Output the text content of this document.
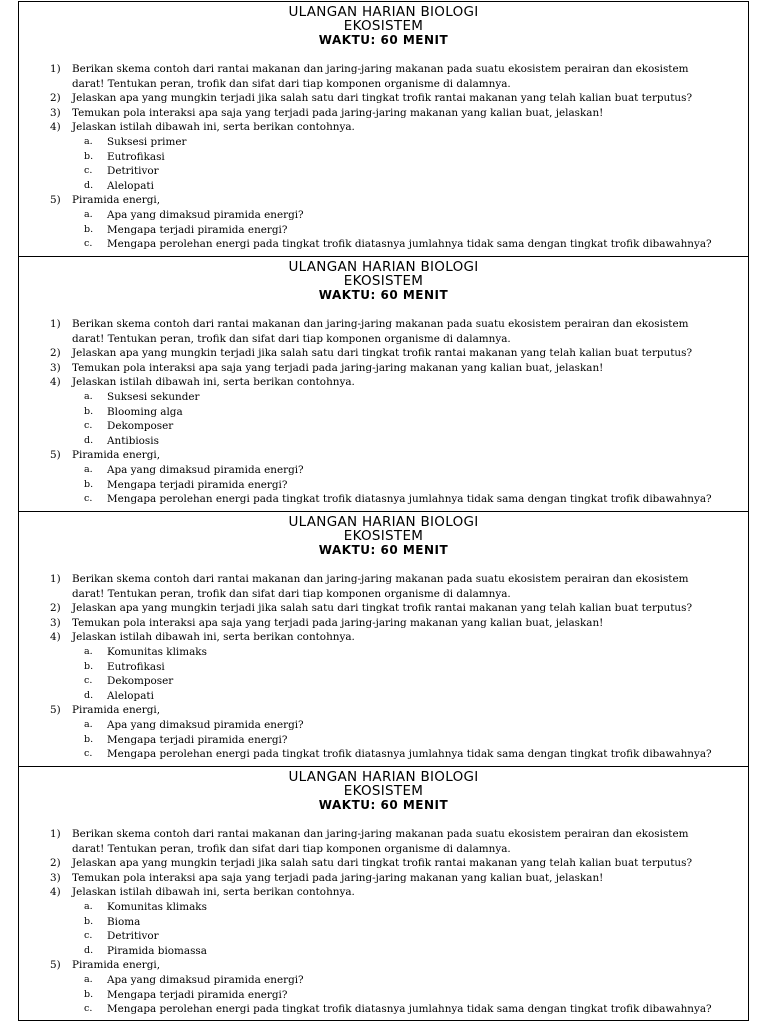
ULANGAN HARIAN BIOLOGI
EKOSISTEM
WAKTU: 60 MENIT
1) Berikan skema contoh dari rantai makanan dan jaring-jaring makanan pada suatu ekosistem perairan dan ekosistem
darat! Tentukan peran, trofik dan sifat dari tiap komponen organisme di dalamnya.
2) Jelaskan apa yang mungkin terjadi jika salah satu dari tingkat trofik rantai makanan yang telah kalian buat terputus?
3) Temukan pola interaksi apa saja yang terjadi pada jaring-jaring makanan yang kalian buat, jelaskan!
4) Jelaskan istilah dibawah ini, serta berikan contohnya.
a. Suksesi primer
b. Eutrofikasi
c. Detritivor
d. Alelopati
5) Piramida energi,
a. Apa yang dimaksud piramida energi?
b. Mengapa terjadi piramida energi?
c. Mengapa perolehan energi pada tingkat trofik diatasnya jumlahnya tidak sama dengan tingkat trofik dibawahnya?
ULANGAN HARIAN BIOLOGI
EKOSISTEM
WAKTU: 60 MENIT
1) Berikan skema contoh dari rantai makanan dan jaring-jaring makanan pada suatu ekosistem perairan dan ekosistem
darat! Tentukan peran, trofik dan sifat dari tiap komponen organisme di dalamnya.
2) Jelaskan apa yang mungkin terjadi jika salah satu dari tingkat trofik rantai makanan yang telah kalian buat terputus?
3) Temukan pola interaksi apa saja yang terjadi pada jaring-jaring makanan yang kalian buat, jelaskan!
4) Jelaskan istilah dibawah ini, serta berikan contohnya.
a. Suksesi sekunder
b. Blooming alga
c. Dekomposer
d. Antibiosis
5) Piramida energi,
a. Apa yang dimaksud piramida energi?
b. Mengapa terjadi piramida energi?
c. Mengapa perolehan energi pada tingkat trofik diatasnya jumlahnya tidak sama dengan tingkat trofik dibawahnya?
ULANGAN HARIAN BIOLOGI
EKOSISTEM
WAKTU: 60 MENIT
1) Berikan skema contoh dari rantai makanan dan jaring-jaring makanan pada suatu ekosistem perairan dan ekosistem
darat! Tentukan peran, trofik dan sifat dari tiap komponen organisme di dalamnya.
2) Jelaskan apa yang mungkin terjadi jika salah satu dari tingkat trofik rantai makanan yang telah kalian buat terputus?
3) Temukan pola interaksi apa saja yang terjadi pada jaring-jaring makanan yang kalian buat, jelaskan!
4) Jelaskan istilah dibawah ini, serta berikan contohnya.
a. Komunitas klimaks
b. Eutrofikasi
c. Dekomposer
d. Alelopati
5) Piramida energi,
a. Apa yang dimaksud piramida energi?
b. Mengapa terjadi piramida energi?
c. Mengapa perolehan energi pada tingkat trofik diatasnya jumlahnya tidak sama dengan tingkat trofik dibawahnya?
ULANGAN HARIAN BIOLOGI
EKOSISTEM
WAKTU: 60 MENIT
1) Berikan skema contoh dari rantai makanan dan jaring-jaring makanan pada suatu ekosistem perairan dan ekosistem
darat! Tentukan peran, trofik dan sifat dari tiap komponen organisme di dalamnya.
2) Jelaskan apa yang mungkin terjadi jika salah satu dari tingkat trofik rantai makanan yang telah kalian buat terputus?
3) Temukan pola interaksi apa saja yang terjadi pada jaring-jaring makanan yang kalian buat, jelaskan!
4) Jelaskan istilah dibawah ini, serta berikan contohnya.
a. Komunitas klimaks
b. Bioma
c. Detritivor
d. Piramida biomassa
5) Piramida energi,
a. Apa yang dimaksud piramida energi?
b. Mengapa terjadi piramida energi?
c. Mengapa perolehan energi pada tingkat trofik diatasnya jumlahnya tidak sama dengan tingkat trofik dibawahnya?
